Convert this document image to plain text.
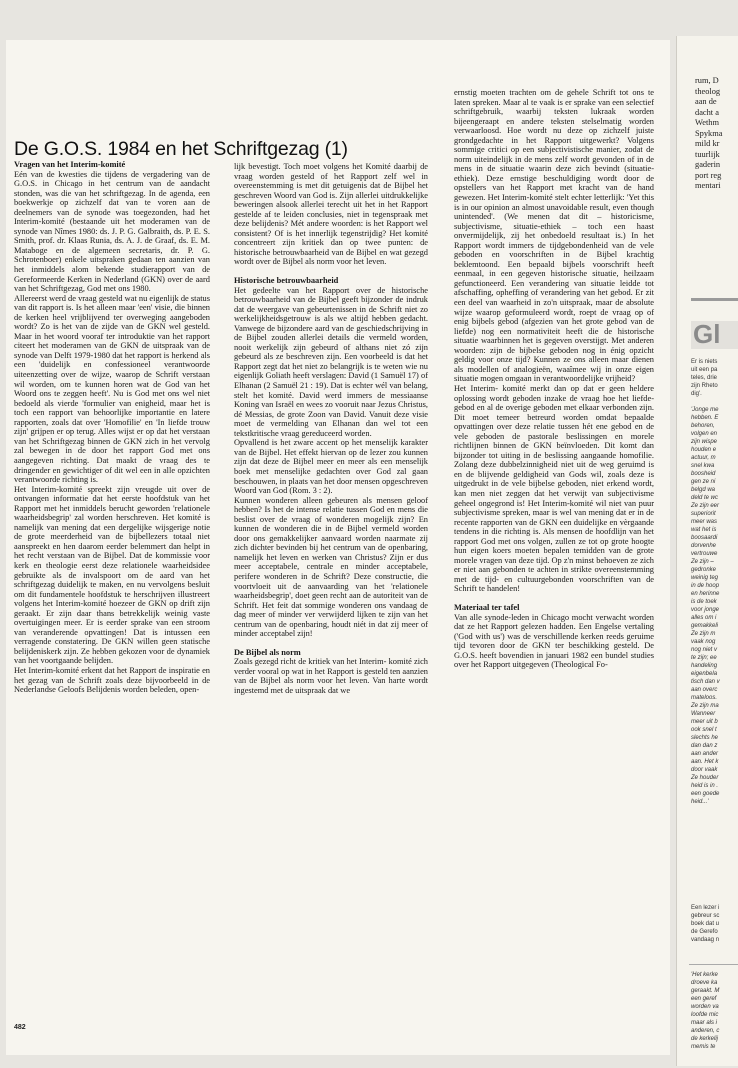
De G.O.S. 1984 en het Schriftgezag (1)
Vragen van het Interim-komité

Eén van de kwesties die tijdens de vergadering van de G.O.S. in Chicago in het centrum van de aandacht stonden, was die van het schriftgezag. In de agenda, een boekwerkje op zichzelf dat van te voren aan de deelnemers van de synode was toegezonden, had het Interim-komité (bestaande uit het moderamen van de synode van Nîmes 1980: ds. J. P. G. Galbraith, ds. P. E. S. Smith, prof. dr. Klaas Runia, ds. A. J. de Graaf, ds. E. M. Mataboge en de algemeen secretaris, dr. P. G. Schrotenboer) enkele uitspraken gedaan ten aanzien van het inmiddels alom bekende studierapport van de Gereformeerde Kerken in Nederland (GKN) over de aard van het Schriftgezag, God met ons 1980.

Allereerst werd de vraag gesteld wat nu eigenlijk de status van dit rapport is. Is het alleen maar 'een' visie, die binnen de kerken heel vrijblijvend ter overweging aangeboden wordt? Zo is het van de zijde van de GKN wel gesteld. Maar in het woord vooraf ter introduktie van het rapport citeert het moderamen van de GKN de uitspraak van de synode van Delft 1979-1980 dat het rapport is herkend als een 'duidelijk en confessioneel verantwoorde uiteenzetting over de wijze, waarop de Schrift verstaan wil worden, om te kunnen horen wat de God van het Woord ons te zeggen heeft'. Nu is God met ons wel niet bedoeld als vierde 'formulier van enigheid, maar het is toch een rapport van behoorlijke importantie en latere rapporten, zoals dat over 'Homofilie' en 'In liefde trouw zijn' grijpen er op terug. Alles wijst er op dat het verstaan van het Schriftgezag binnen de GKN zich in het vervolg zal bewegen in de door het rapport God met ons aangegeven richting. Dat maakt de vraag des te dringender en gewichtiger of dit wel een in alle opzichten verantwoorde richting is.

Het Interim-komité spreekt zijn vreugde uit over de ontvangen informatie dat het eerste hoofdstuk van het Rapport met het inmiddels berucht geworden 'relationele waarheidsbegrip' zal worden herschreven. Het komité is namelijk van mening dat een dergelijke wijsgerige notie de grote meerderheid van de bijbellezers totaal niet aanspreekt en hen daarom eerder belemmert dan helpt in het recht verstaan van de Bijbel. Dat de kommissie voor kerk en theologie eerst deze relationele waarheidsidee gebruikte als de invalspoort om de aard van het schriftgezag duidelijk te maken, en nu vervolgens besluit om dit fundamentele hoofdstuk te herschrijven illustreert volgens het Interim-komité hoezeer de GKN op drift zijn geraakt. Er zijn daar thans betrekkelijk weinig vaste overtuigingen meer. Er is eerder sprake van een stroom van veranderende opvattingen! Dat is intussen een verragende constatering. De GKN willen geen statische belijdeniskerk zijn. Ze hebben gekozen voor de dynamiek van het voortgaande belijden.

Het Interim-komité erkent dat het Rapport de inspiratie en het gezag van de Schrift zoals deze bijvoorbeeld in de Nederlandse Geloofs Belijdenis worden beleden, open-

lijk bevestigt. Toch moet volgens het Komité daarbij de vraag worden gesteld of het Rapport zelf wel in overeenstemming is met dit getuigenis dat de Bijbel het geschreven Woord van God is. Zijn allerlei uitdrukkelijke beweringen alsook allerlei terecht uit het in het Rapport gestelde af te leiden conclusies, niet in tegenspraak met deze belijdenis? Mét andere woorden: is het Rapport wel consistent? Of is het innerlijk tegenstrijdig? Het komité concentreert zijn kritiek dan op twee punten: de historische betrouwbaarheid van de Bijbel en wat gezegd wordt over de Bijbel als norm voor het leven.

Historische betrouwbaarheid

Het gedeelte van het Rapport over de historische betrouwbaarheid van de Bijbel geeft bijzonder de indruk dat de weergave van gebeurtenissen in de Schrift niet zo werkelijkheidsgetrouw is als we altijd hebben gedacht. Vanwege de bijzondere aard van de geschiedschrijving in de Bijbel zouden allerlei details die vermeld worden, nooit werkelijk zijn gebeurd of althans niet zó zijn gebeurd als ze beschreven zijn. Een voorbeeld is dat het Rapport zegt dat het niet zo belangrijk is te weten wie nu eigenlijk Goliath heeft verslagen: David (1 Samuël 17) of Elhanan (2 Samuël 21 : 19). Dat is echter wél van belang, stelt het komité. David werd immers de messiaanse Koning van Israël en wees zo vooruit naar Jezus Christus, dé Messias, de grote Zoon van David. Vanuit deze visie moet de vermelding van Elhanan dan wel tot een tekstkritische vraag gereduceerd worden.

Opvallend is het zware accent op het menselijk karakter van de Bijbel. Het effekt hiervan op de lezer zou kunnen zijn dat deze de Bijbel meer en meer als een menselijk boek met menselijke gedachten over God zal gaan beschouwen, in plaats van het door mensen opgeschreven Woord van God (Rom. 3 : 2).

Kunnen wonderen alleen gebeuren als mensen geloof hebben? Is het de intense relatie tussen God en mens die beslist over de vraag of wonderen mogelijk zijn? En kunnen de wonderen die in de Bijbel vermeld worden door ons gemakkelijker aanvaard worden naarmate zij zich dichter bevinden bij het centrum van de openbaring, namelijk het leven en werken van Christus? Zijn er dus meer acceptabele, centrale en minder acceptabele, perifere wonderen in de Schrift? Deze constructie, die voortvloeit uit de aanvaarding van het 'relationele waarheidsbegrip', doet geen recht aan de autoriteit van de Schrift. Het feit dat sommige wonderen ons vandaag de dag meer of minder ver verwijderd lijken te zijn van het centrum van de openbaring, houdt niét in dat zij meer of minder acceptabel zijn!

De Bijbel als norm

Zoals gezegd richt de kritiek van het Interim- komité zich verder vooral op wat in het Rapport is gesteld ten aanzien van de Bijbel als norm voor het leven. Van harte wordt ingestemd met de uitspraak dat we

ernstig moeten trachten om de gehele Schrift tot ons te laten spreken. Maar al te vaak is er sprake van een selectief schriftgebruik, waarbij teksten lukraak worden bijeengeraapt en andere teksten stelselmatig worden verwaarloosd. Hoe wordt nu deze op zichzelf juiste grondgedachte in het Rapport uitgewerkt? Volgens sommige critici op een subjectivistische manier, zodat de norm uiteindelijk in de mens zelf wordt gevonden of in de mens in de situatie waarin deze zich bevindt (situatie- ethiek). Deze ernstige beschuldiging wordt door de opstellers van het Rapport met kracht van de hand gewezen. Het Interim-komité stelt echter letterlijk: 'Yet this is in our opinion an almost unavoidable result, even though unintended'. (We menen dat dit – historicisme, subjectivisme, situatie-ethiek – toch een haast onvermijdelijk, zij het onbedoeld resultaat is.) In het Rapport wordt immers de tijdgebondenheid van de vele geboden en voorschriften in de Bijbel krachtig beklemtoond. Een bepaald bijbels voorschrift heeft eenmaal, in een gegeven historische situatie, heilzaam gefunctioneerd. Een verandering van situatie leidde tot afschaffing, opheffing of verandering van het gebod. Er zit een deel van waarheid in zo'n uitspraak, maar de absolute wijze waarop geformuleerd wordt, roept de vraag op of enig bijbels gebod (afgezien van het grote gebod van de liefde) nog een normativiteit heeft die de historische situatie waarbinnen het is gegeven overstijgt. Met anderen woorden: zijn de bijbelse geboden nog in énig opzicht geldig voor onze tijd? Kunnen ze ons alleen maar dienen als modellen of analogieën, waaîmee wij in onze eigen situatie mogen omgaan in verantwoordelijke vrijheid?

Het Interim- komité merkt dan op dat er geen heldere oplossing wordt geboden inzake de vraag hoe het liefde-gebod en al de overige geboden met elkaar verbonden zijn. Dit moet temeer betreurd worden omdat bepaalde opvattingen over deze relatie tussen hét ene gebod en de vele geboden de pastorale beslissingen en morele richtlijnen binnen de GKN beïnvloeden. Dit komt dan bijzonder tot uiting in de beslissing aangaande homofilie. Zolang deze dubbelzinnigheid niet uit de weg geruimd is en de blijvende geldigheid van Gods wil, zoals deze is uitgedrukt in de vele bijbelse geboden, niet erkend wordt, kan men niet zeggen dat het verwijt van subjectivisme geheel ongegrond is! Het Interim-komité wil niet van puur subjectivisme spreken, maar is wel van mening dat er in de recente rapporten van de GKN een duidelijke en vèrgaande tendens in die richting is. Als mensen de hoofdlijn van het rapport God met ons volgen, zullen ze tot op grote hoogte hun eigen koers moeten bepalen temidden van de grote morele vragen van deze tijd. Op z'n minst behoeven ze zich er niet aan gebonden te achten in strikte overeenstemming met de tijd- en cultuurgebonden voorschriften van de Schrift te handelen!

Materiaal ter tafel

Van alle synode-leden in Chicago mocht verwacht worden dat ze het Rapport gelezen hadden. Een Engelse vertaling ('God with us') was de verschillende kerken reeds geruime tijd tevoren door de GKN ter beschikking gesteld. De G.O.S. heeft bovendien in januari 1982 een bundel studies over het Rapport uitgegeven (Theological Fo-

482
rum, D
theolog
aan de
dacht a
Wethm
Spykma
mild kr
tuurlijk
gaderin
port reg
mentari
Gl
Er is niets
uit een pa
teles, drie
zijn Rheto
dig'.
'Jonge me
hebben. E
behoren,
volgen en
zijn wispe
houden e
actuur, m
snel kwa
boosheid
gen ze ni
belgd wa
deld te wc
Ze zijn eer
superiorit
meer was
wat het is
boosaardi
dorvenhe
vertrouwe
Ze zijn –
gedronke
weinig teg
in de hoop
en herinne
is de toek
voor jonge
alles om i
gemakkeli
Ze zijn m
vaak nog
nog niet v
te zijn; ee
handeling
eigenbela
tisch dan v
aan overc
mateloos.
Ze zijn ma
Wanneer
meer uit b
ook snel t
slechts he
dan dan z
aan ander
aan. Het k
door vaak
Ze houder
heid is in .
een goede
heid...'
Een lezer i
gebreur sc
boek dat u
de Gerefo
vandaag n
'Het kerke
droeve ka
geraakt. M
een geref
worden va
loofde mic
maar als i
anderen, c
de kerkelij
memis te
